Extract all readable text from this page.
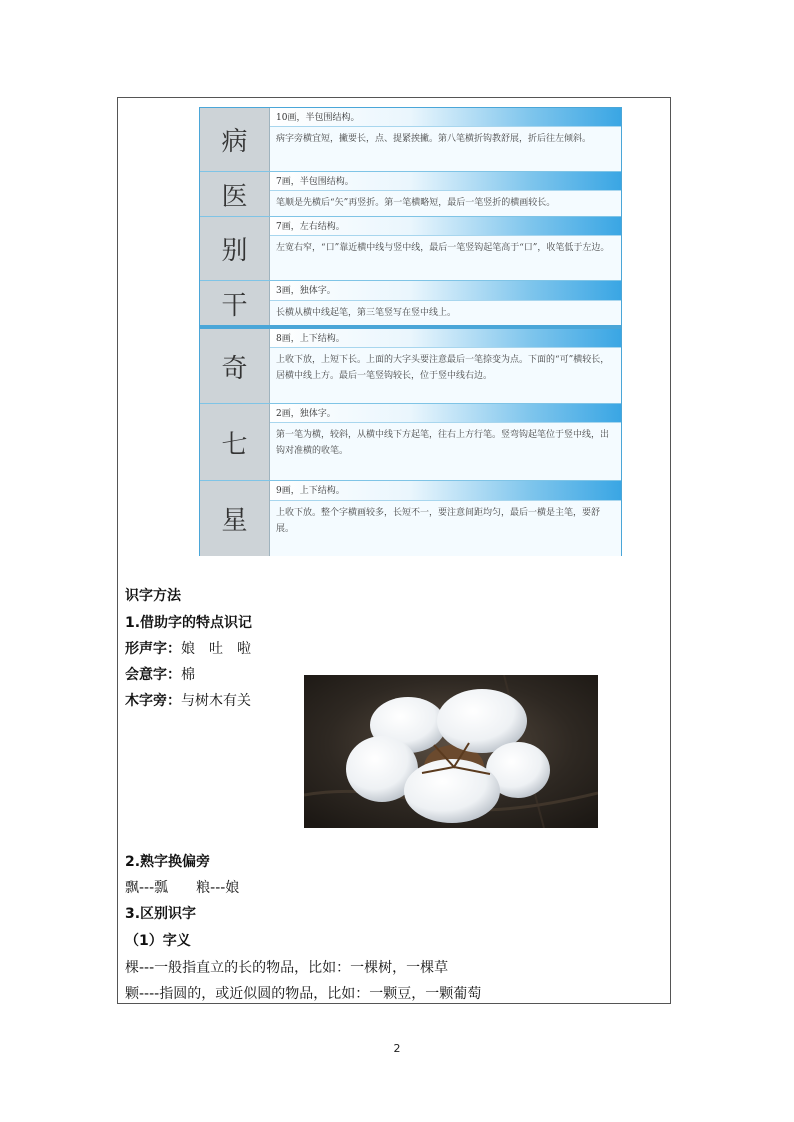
病
10画，半包围结构。
病字旁横宜短，撇要长，点、提紧挨撇。第八笔横折钩教舒展，折后往左倾斜。
医	7画，半包围结构。
笔顺是先横后“矢”再竖折。第一笔横略短，最后一笔竖折的横画较长。
别
7画，左右结构。
左宽右窄，“口”靠近横中线与竖中线，最后一笔竖钩起笔高于“口”，收笔低于左边。
干	3画，独体字。
长横从横中线起笔，第三笔竖写在竖中线上。
奇
8画，上下结构。
上收下放，上短下长。上面的大字头要注意最后一笔捺变为点。下面的“可”横较长，居横中线上方。最后一笔竖钩较长，位于竖中线右边。
七
2画，独体字。
第一笔为横，较斜，从横中线下方起笔，往右上方行笔。竖弯钩起笔位于竖中线，出钩对准横的收笔。
星
9画，上下结构。
上收下放。整个字横画较多，长短不一，要注意间距均匀，最后一横是主笔，要舒展。
识字方法
1.借助字的特点识记
形声字：娘　吐　啦
会意字：棉
木字旁：与树木有关
2.熟字换偏旁
飘---瓢　　粮---娘
3.区别识字
（1）字义
棵---一般指直立的长的物品，比如：一棵树，一棵草
颗----指圆的，或近似圆的物品，比如：一颗豆，一颗葡萄
2
